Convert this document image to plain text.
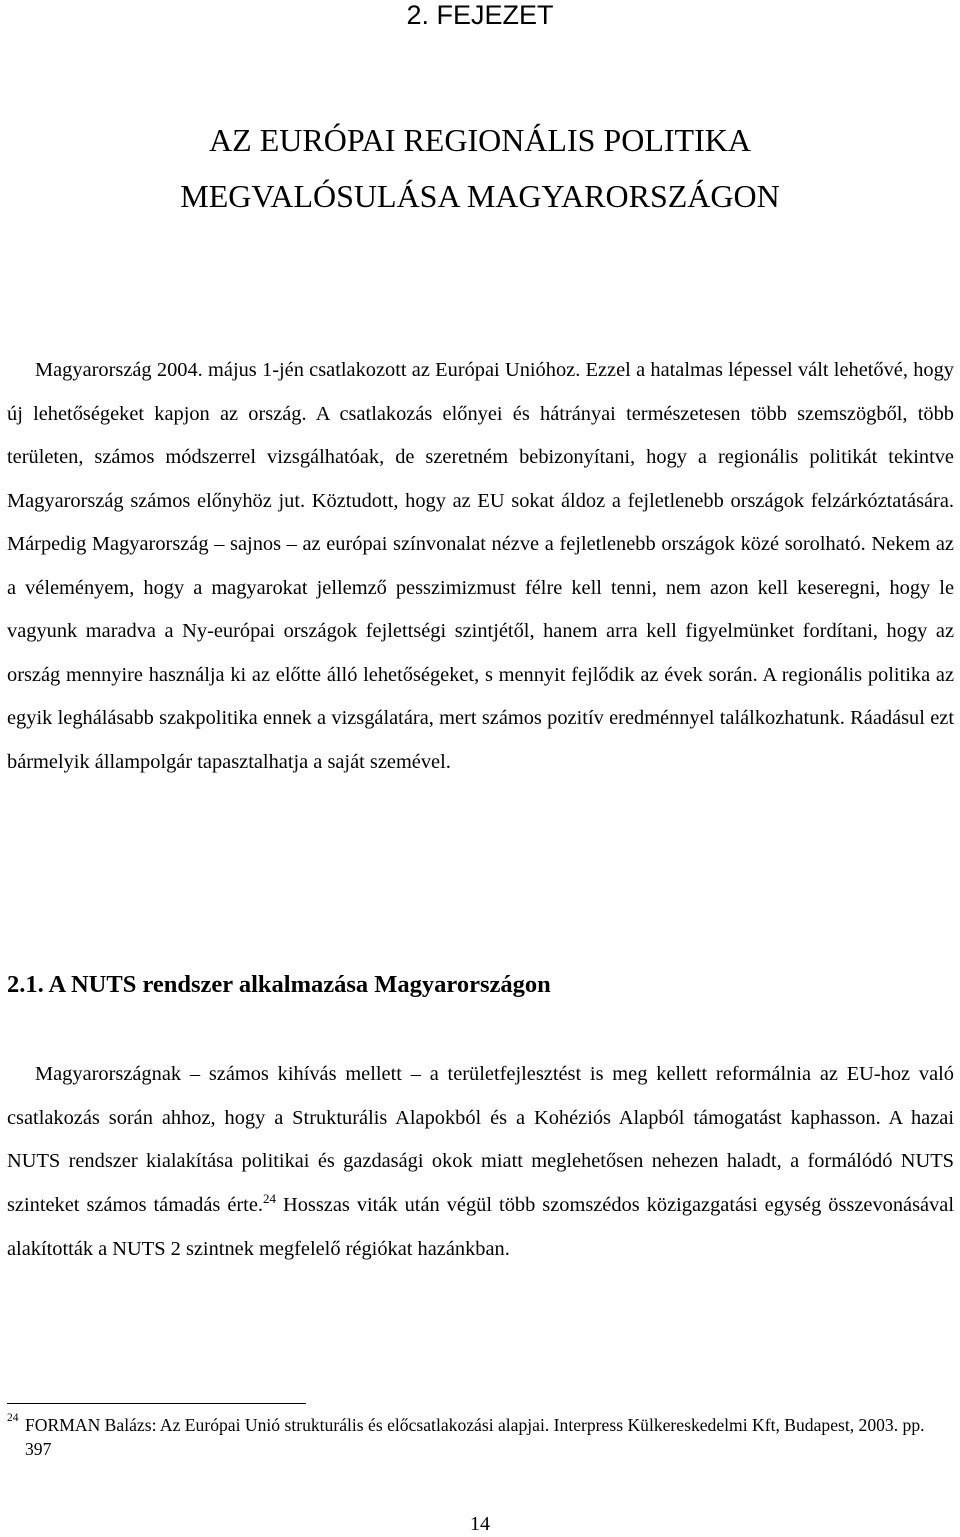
2. FEJEZET
AZ EURÓPAI REGIONÁLIS POLITIKA
MEGVALÓSULÁSA MAGYARORSZÁGON

Magyarország 2004. május 1-jén csatlakozott az Európai Unióhoz. Ezzel a hatalmas lépessel vált lehetővé, hogy új lehetőségeket kapjon az ország. A csatlakozás előnyei és hátrányai természetesen több szemszögből, több területen, számos módszerrel vizsgálhatóak, de szeretném bebizonyítani, hogy a regionális politikát tekintve Magyarország számos előnyhöz jut. Köztudott, hogy az EU sokat áldoz a fejletlenebb országok felzárkóztatására. Márpedig Magyarország – sajnos – az európai színvonalat nézve a fejletlenebb országok közé sorolható. Nekem az a véleményem, hogy a magyarokat jellemző pesszimizmust félre kell tenni, nem azon kell keseregni, hogy le vagyunk maradva a Ny-európai országok fejlettségi szintjétől, hanem arra kell figyelmünket fordítani, hogy az ország mennyire használja ki az előtte álló lehetőségeket, s mennyit fejlődik az évek során. A regionális politika az egyik leghálásabb szakpolitika ennek a vizsgálatára, mert számos pozitív eredménnyel találkozhatunk. Ráadásul ezt bármelyik állampolgár tapasztalhatja a saját szemével.

2.1. A NUTS rendszer alkalmazása Magyarországon

Magyarországnak – számos kihívás mellett – a területfejlesztést is meg kellett reformálnia az EU-hoz való csatlakozás során ahhoz, hogy a Strukturális Alapokból és a Kohéziós Alapból támogatást kaphasson. A hazai NUTS rendszer kialakítása politikai és gazdasági okok miatt meglehetősen nehezen haladt, a formálódó NUTS szinteket számos támadás érte.$^{24}$ Hosszas viták után végül több szomszédos közigazgatási egység összevonásával alakították a NUTS 2 szintnek megfelelő régiókat hazánkban.

24 FORMAN Balázs: Az Európai Unió strukturális és előcsatlakozási alapjai. Interpress Külkereskedelmi Kft, Budapest, 2003. pp. 397
14
